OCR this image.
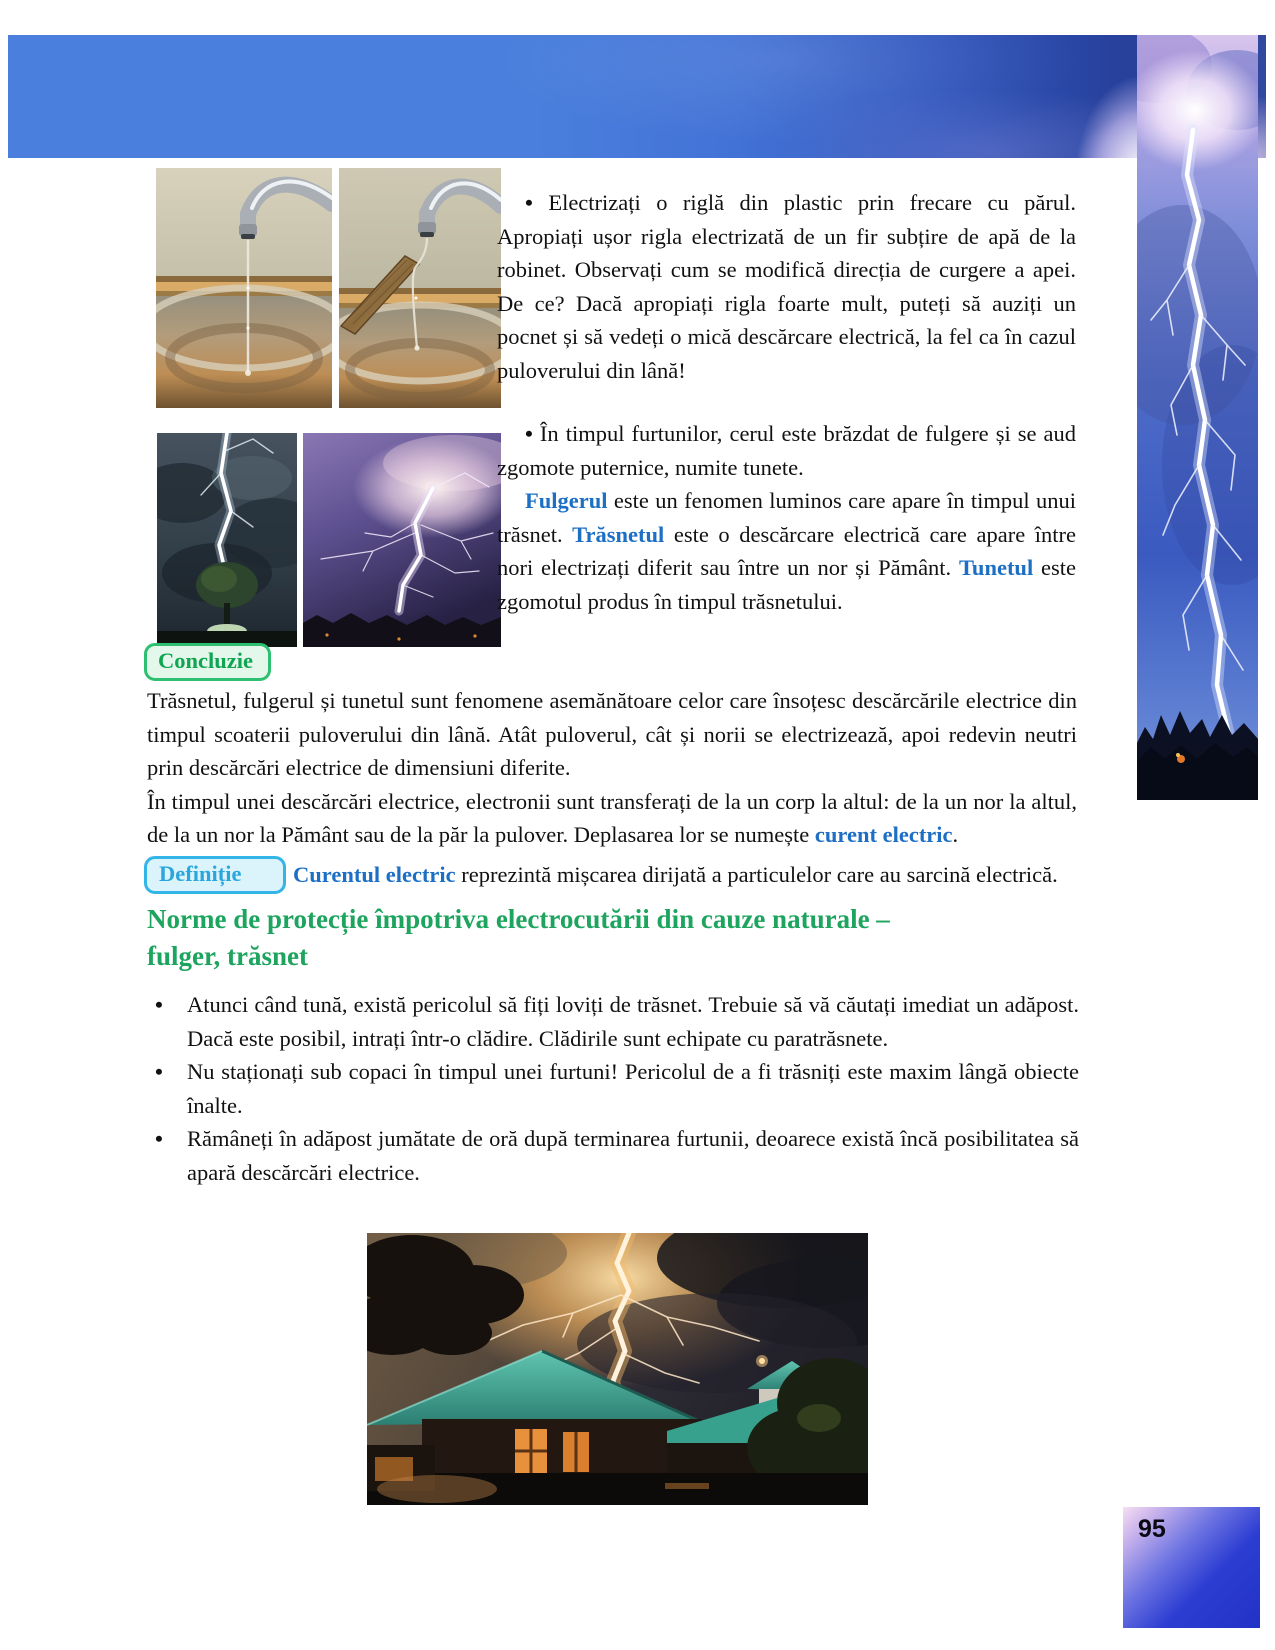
• Electrizați o riglă din plastic prin frecare cu părul. Apropiați ușor rigla electrizată de un fir subțire de apă de la robinet. Observați cum se modifică direcția de curgere a apei. De ce? Dacă apropiați rigla foarte mult, puteți să auziți un pocnet și să vedeți o mică descărcare electrică, la fel ca în cazul puloverului din lână!

• În timpul furtunilor, cerul este brăzdat de fulgere și se aud zgomote puternice, numite tunete.

Fulgerul este un fenomen luminos care apare în timpul unui trăsnet. Trăsnetul este o descărcare electrică care apare între nori electrizați diferit sau între un nor și Pământ. Tunetul este zgomotul produs în timpul trăsnetului.

Concluzie

Trăsnetul, fulgerul și tunetul sunt fenomene asemănătoare celor care însoțesc descărcările electrice din timpul scoaterii puloverului din lână. Atât puloverul, cât și norii se electrizează, apoi redevin neutri prin descărcări electrice de dimensiuni diferite.

În timpul unei descărcări electrice, electronii sunt transferați de la un corp la altul: de la un nor la altul, de la un nor la Pământ sau de la păr la pulover. Deplasarea lor se numește curent electric.

Definiție	Curentul electric reprezintă mișcarea dirijată a particulelor care au sarcină electrică.

Norme de protecție împotriva electrocutării din cauze naturale –
fulger, trăsnet
• Atunci când tună, există pericolul să fiți loviți de trăsnet. Trebuie să vă căutați imediat un adăpost. Dacă este posibil, intrați într-o clădire. Clădirile sunt echipate cu paratrăsnete.
• Nu staționați sub copaci în timpul unei furtuni! Pericolul de a fi trăsniți este maxim lângă obiecte înalte.
• Rămâneți în adăpost jumătate de oră după terminarea furtunii, deoarece există încă posibilitatea să apară descărcări electrice.
95
